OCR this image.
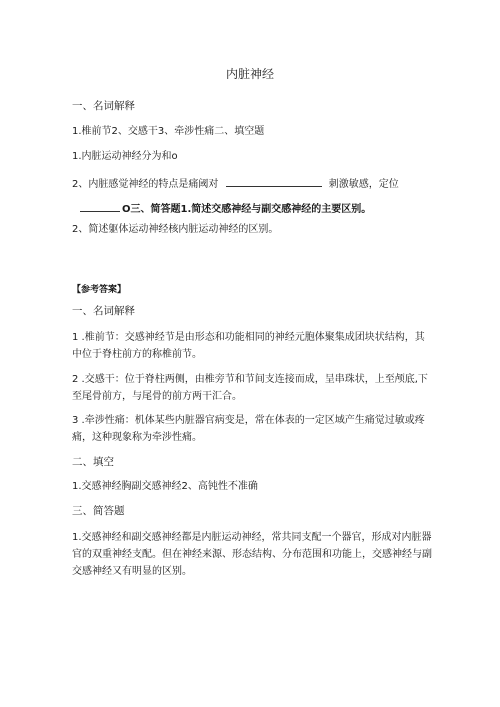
内脏神经
一、名词解释
1.椎前节2、交感干3、牵涉性痛二、填空题
1.内脏运动神经分为和o
2、内脏感觉神经的特点是痛阈对	刺激敏感，定位
O三、简答题1.简述交感神经与副交感神经的主要区别。
2、简述躯体运动神经核内脏运动神经的区别。
【参考答案】
一、名词解释
1 .椎前节：交感神经节是由形态和功能相同的神经元胞体聚集成团块状结构，其中位于脊柱前方的称椎前节。
2 .交感干：位于脊柱两侧，由椎旁节和节间支连接而成，呈串珠状，上至颅底,下至尾骨前方，与尾骨的前方两干汇合。
3 .牵涉性痛：机体某些内脏器官病变是，常在体表的一定区域产生痛觉过敏或疼痛，这种现象称为牵涉性痛。
二、填空
1.交感神经胸副交感神经2、高钝性不准确
三、简答题
1.交感神经和副交感神经都是内脏运动神经，常共同支配一个器官，形成对内脏器官的双重神经支配。但在神经来源、形态结构、分布范围和功能上，交感神经与副交感神经又有明显的区别。
